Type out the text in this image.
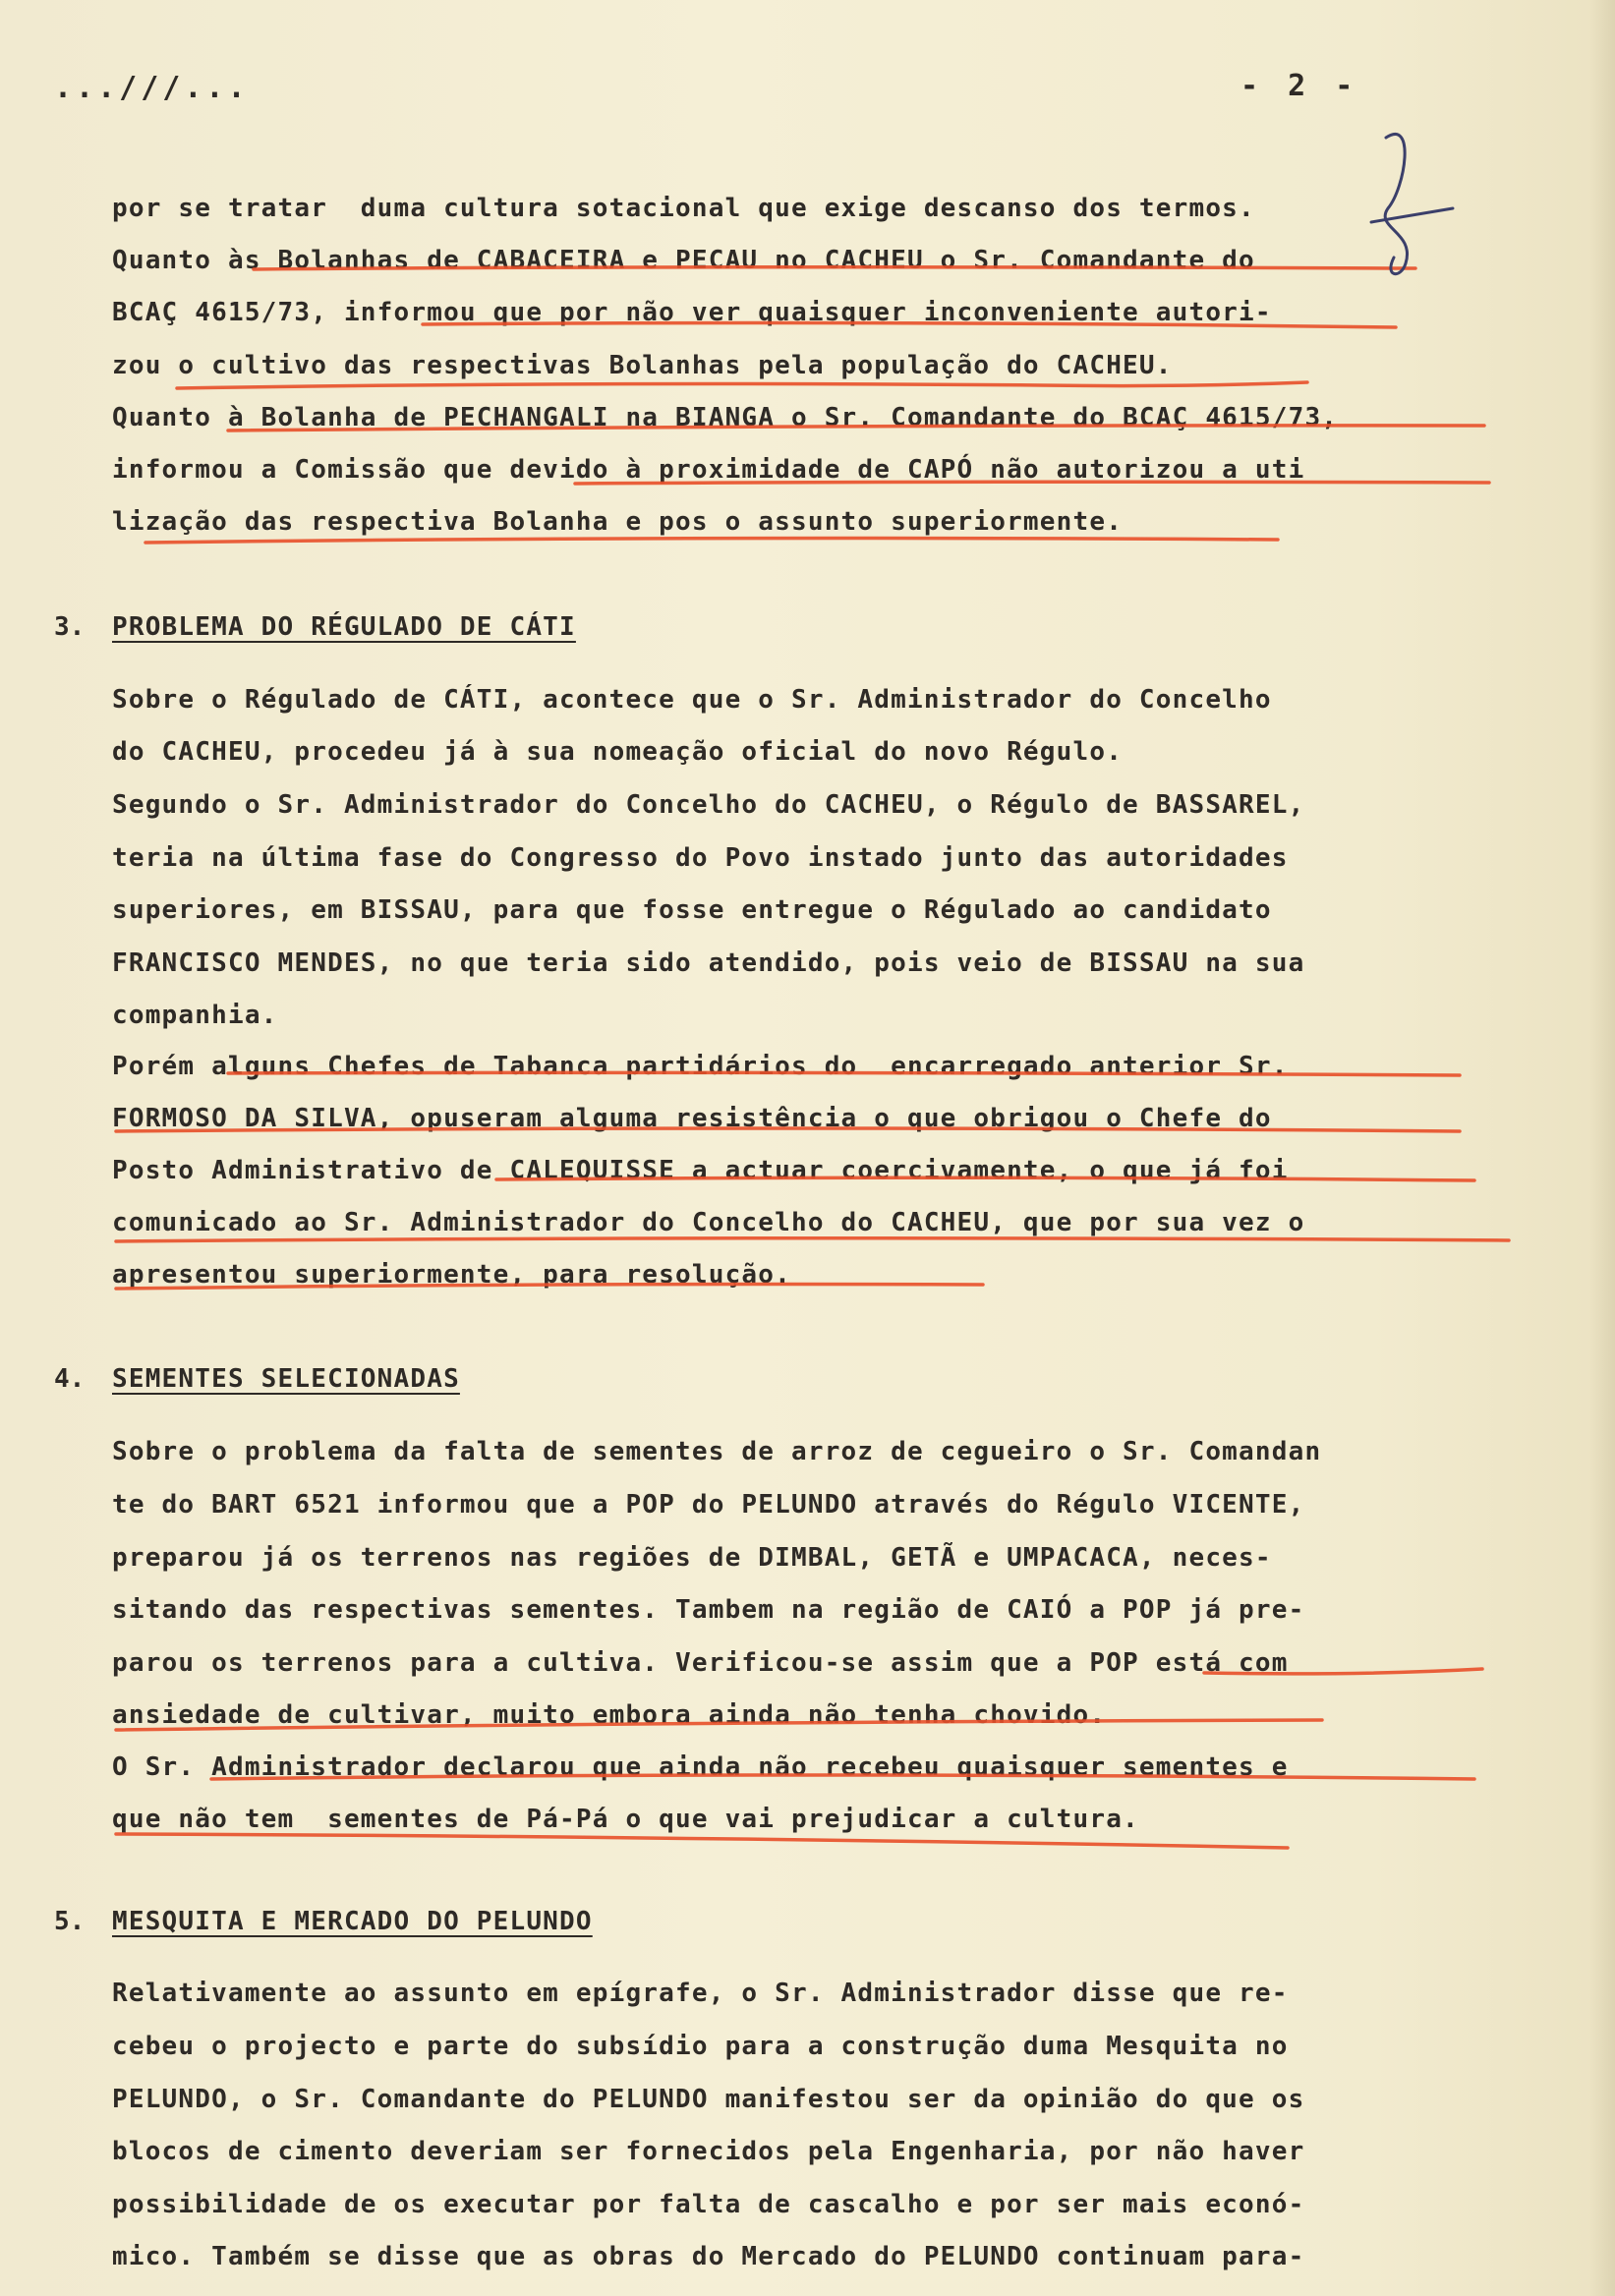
...///...	- 2 -
por se tratar  duma cultura sotacional que exige descanso dos termos.
Quanto às Bolanhas de CABACEIRA e PECAU no CACHEU o Sr. Comandante do
BCAÇ 4615/73, informou que por não ver quaisquer inconveniente autori-
zou o cultivo das respectivas Bolanhas pela população do CACHEU.
Quanto à Bolanha de PECHANGALI na BIANGA o Sr. Comandante do BCAÇ 4615/73,
informou a Comissão que devido à proximidade de CAPÓ não autorizou a uti
lização das respectiva Bolanha e pos o assunto superiormente.
3. PROBLEMA DO RÉGULADO DE CÁTI
Sobre o Régulado de CÁTI, acontece que o Sr. Administrador do Concelho
do CACHEU, procedeu já à sua nomeação oficial do novo Régulo.
Segundo o Sr. Administrador do Concelho do CACHEU, o Régulo de BASSAREL,
teria na última fase do Congresso do Povo instado junto das autoridades
superiores, em BISSAU, para que fosse entregue o Régulado ao candidato
FRANCISCO MENDES, no que teria sido atendido, pois veio de BISSAU na sua
companhia.
Porém alguns Chefes de Tabanca partidários do  encarregado anterior Sr.
FORMOSO DA SILVA, opuseram alguma resistência o que obrigou o Chefe do
Posto Administrativo de CALEQUISSE a actuar coercivamente, o que já foi
comunicado ao Sr. Administrador do Concelho do CACHEU, que por sua vez o
apresentou superiormente, para resolução.
4. SEMENTES SELECIONADAS
Sobre o problema da falta de sementes de arroz de cegueiro o Sr. Comandan
te do BART 6521 informou que a POP do PELUNDO através do Régulo VICENTE,
preparou já os terrenos nas regiões de DIMBAL, GETÃ e UMPACACA, neces-
sitando das respectivas sementes. Tambem na região de CAIÓ a POP já pre-
parou os terrenos para a cultiva. Verificou-se assim que a POP está com
ansiedade de cultivar, muito embora ainda não tenha chovido.
O Sr. Administrador declarou que ainda não recebeu quaisquer sementes e
que não tem  sementes de Pá-Pá o que vai prejudicar a cultura.
5. MESQUITA E MERCADO DO PELUNDO
Relativamente ao assunto em epígrafe, o Sr. Administrador disse que re-
cebeu o projecto e parte do subsídio para a construção duma Mesquita no
PELUNDO, o Sr. Comandante do PELUNDO manifestou ser da opinião do que os
blocos de cimento deveriam ser fornecidos pela Engenharia, por não haver
possibilidade de os executar por falta de cascalho e por ser mais econó-
mico. Também se disse que as obras do Mercado do PELUNDO continuam para-
